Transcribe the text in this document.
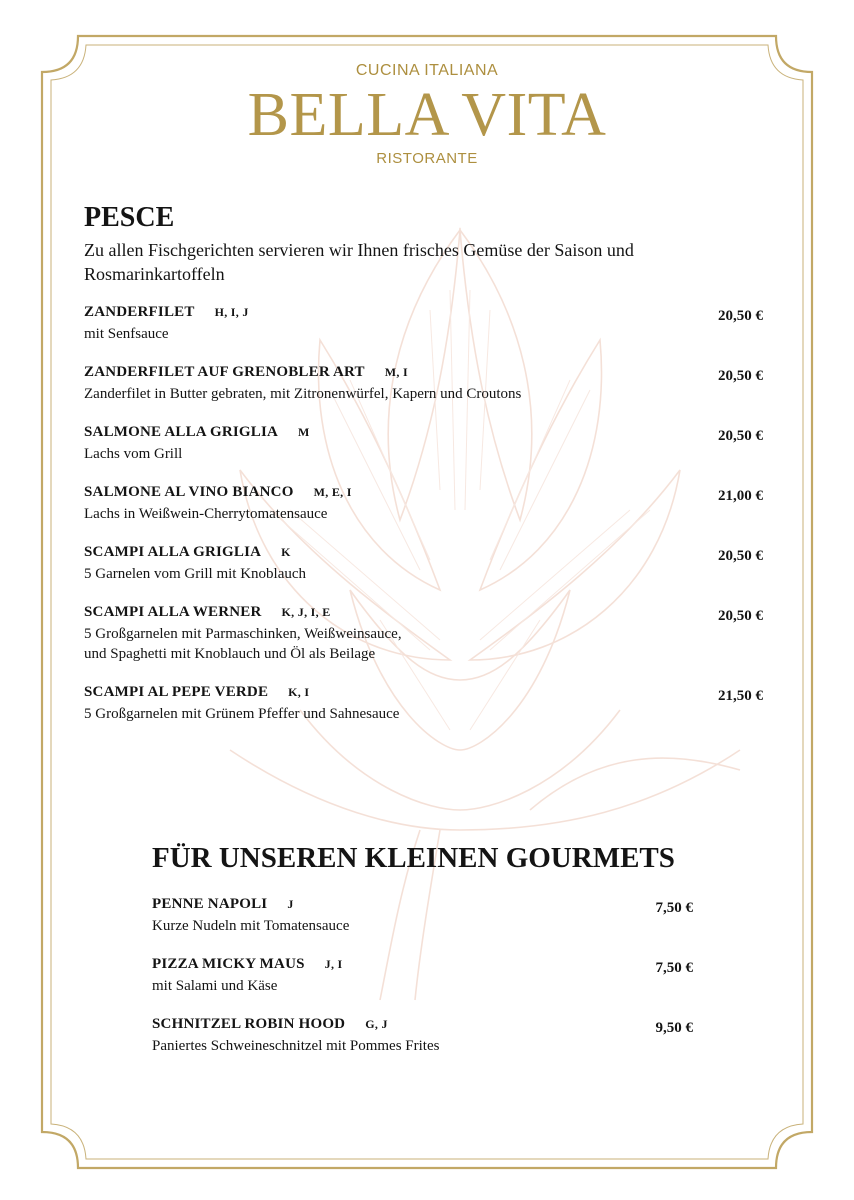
CUCINA ITALIANA
BELLA VITA
RISTORANTE
PESCE
Zu allen Fischgerichten servieren wir Ihnen frisches Gemüse der Saison und Rosmarinkartoffeln
ZANDERFILET H, I, J
mit Senfsauce
20,50 €
ZANDERFILET AUF GRENOBLER ART M, I
Zanderfilet in Butter gebraten, mit Zitronenwürfel, Kapern und Croutons
20,50 €
SALMONE ALLA GRIGLIA M
Lachs vom Grill
20,50 €
SALMONE AL VINO BIANCO M, E, I
Lachs in Weißwein-Cherrytomatensauce
21,00 €
SCAMPI ALLA GRIGLIA K
5 Garnelen vom Grill mit Knoblauch
20,50 €
SCAMPI ALLA WERNER K, J, I, E
5 Großgarnelen mit Parmaschinken, Weißweinsauce,
und Spaghetti mit Knoblauch und Öl als Beilage
20,50 €
SCAMPI AL PEPE VERDE K, I
5 Großgarnelen mit Grünem Pfeffer und Sahnesauce
21,50 €
FÜR UNSEREN KLEINEN GOURMETS
PENNE NAPOLI J
Kurze Nudeln mit Tomatensauce
7,50 €
PIZZA MICKY MAUS J, I
mit Salami und Käse
7,50 €
SCHNITZEL ROBIN HOOD G, J
Paniertes Schweineschnitzel mit Pommes Frites
9,50 €
